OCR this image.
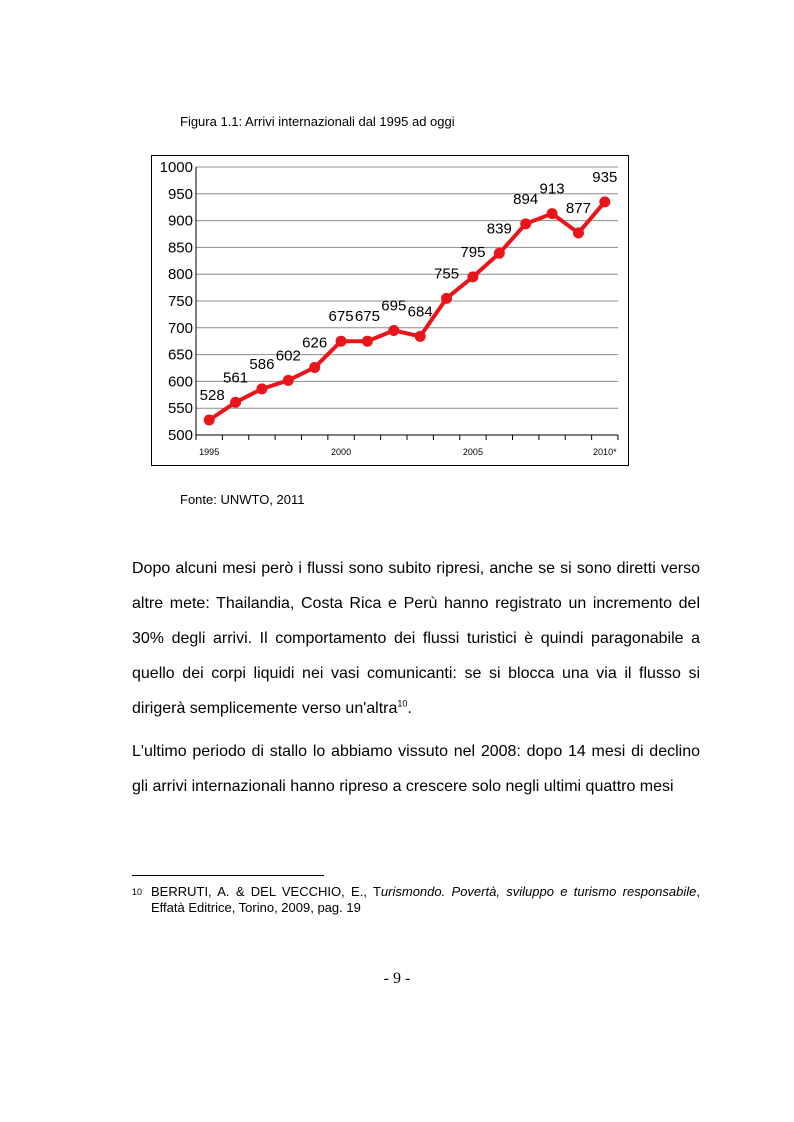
Figura 1.1: Arrivi internazionali dal 1995 ad oggi
500
550
600
650
700
750
800
850
900
950
1000
1995	2000	2005	2010*
528
561
586
602
626
675 675
695 684
755
795
839
894
913
877
935
Fonte: UNWTO, 2011
Dopo alcuni mesi però i flussi sono subito ripresi, anche se si sono diretti verso altre mete: Thailandia, Costa Rica e Perù hanno registrato un incremento del 30% degli arrivi. Il comportamento dei flussi turistici è quindi paragonabile a quello dei corpi liquidi nei vasi comunicanti: se si blocca una via il flusso si dirigerà semplicemente verso un'altra$^{10}$.
L'ultimo periodo di stallo lo abbiamo vissuto nel 2008: dopo 14 mesi di declino gli arrivi internazionali hanno ripreso a crescere solo negli ultimi quattro mesi
10 BERRUTI, A. & DEL VECCHIO, E., Turismondo. Povertà, sviluppo e turismo responsabile, Effatà Editrice, Torino, 2009, pag. 19
- 9 -
